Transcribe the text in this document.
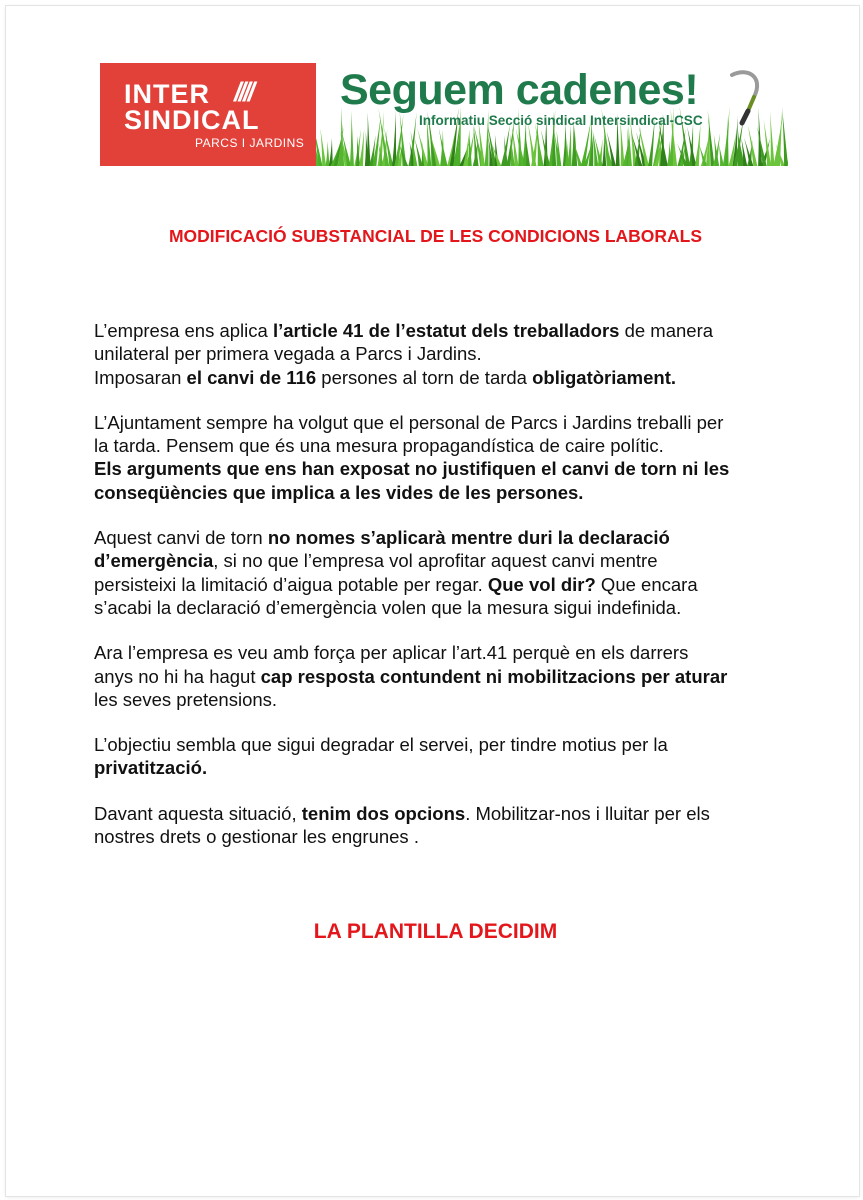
INTER ////
SINDICAL
PARCS I JARDINS
Seguem cadenes!
Informatiu Secció sindical Intersindical-CSC
MODIFICACIÓ SUBSTANCIAL DE LES CONDICIONS LABORALS

L’empresa ens aplica l’article 41 de l’estatut dels treballadors de manera
unilateral per primera vegada a Parcs i Jardins.
Imposaran el canvi de 116 persones al torn de tarda obligatòriament.

L’Ajuntament sempre ha volgut que el personal de Parcs i Jardins treballi per
la tarda. Pensem que és una mesura propagandística de caire polític.
Els arguments que ens han exposat no justifiquen el canvi de torn ni les
conseqüències que implica a les vides de les persones.

Aquest canvi de torn no nomes s’aplicarà mentre duri la declaració
d’emergència, si no que l’empresa vol aprofitar aquest canvi mentre
persisteixi la limitació d’aigua potable per regar. Que vol dir? Que encara
s’acabi la declaració d’emergència volen que la mesura sigui indefinida.

Ara l’empresa es veu amb força per aplicar l’art.41 perquè en els darrers
anys no hi ha hagut cap resposta contundent ni mobilitzacions per aturar
les seves pretensions.

L’objectiu sembla que sigui degradar el servei, per tindre motius per la
privatització.

Davant aquesta situació, tenim dos opcions. Mobilitzar-nos i lluitar per els
nostres drets o gestionar les engrunes .

LA PLANTILLA DECIDIM
